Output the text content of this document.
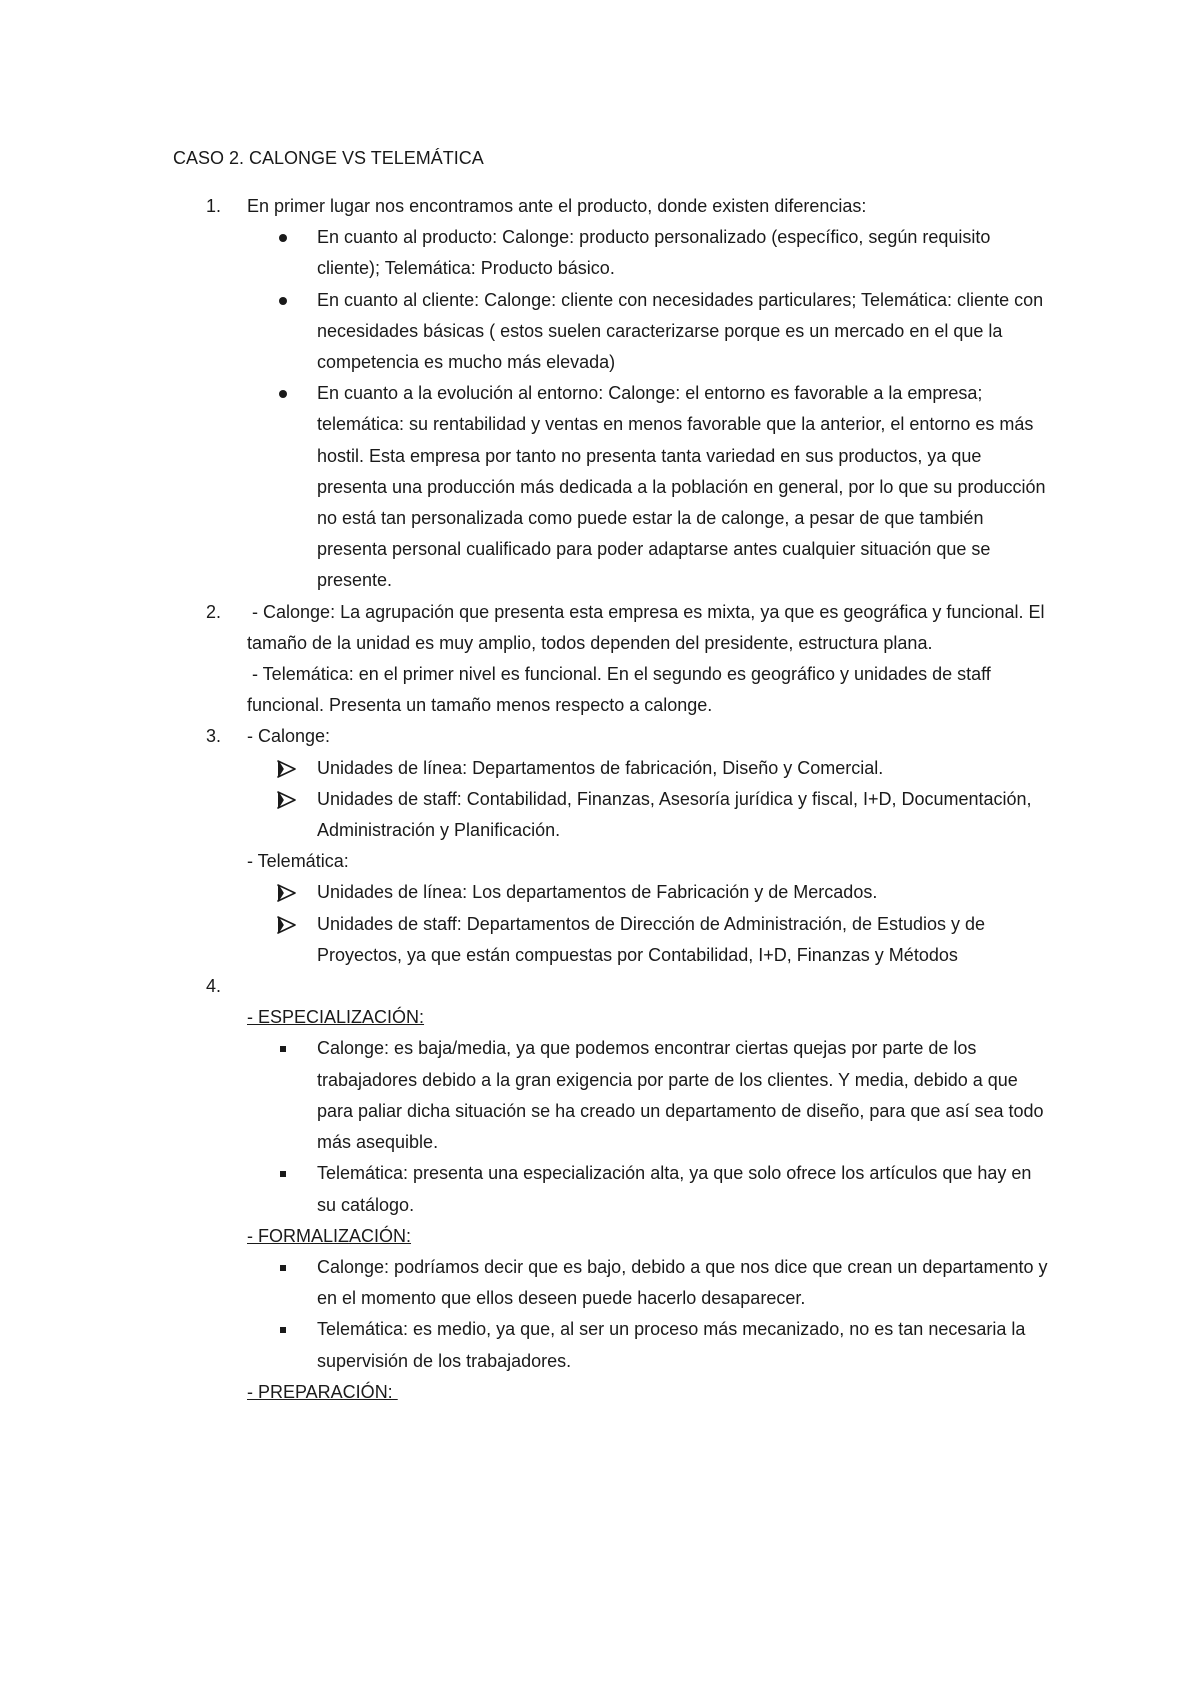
CASO 2. CALONGE VS TELEMÁTICA
1. En primer lugar nos encontramos ante el producto, donde existen diferencias:

En cuanto al producto: Calonge: producto personalizado (específico, según requisito cliente); Telemática: Producto básico.
En cuanto al cliente: Calonge: cliente con necesidades particulares; Telemática: cliente con necesidades básicas ( estos suelen caracterizarse porque es un mercado en el que la competencia es mucho más elevada)
En cuanto a la evolución al entorno: Calonge: el entorno es favorable a la empresa; telemática: su rentabilidad y ventas en menos favorable que la anterior, el entorno es más hostil. Esta empresa por tanto no presenta tanta variedad en sus productos, ya que presenta una producción más dedicada a la población en general, por lo que su producción no está tan personalizada como puede estar la de calonge, a pesar de que también presenta personal cualificado para poder adaptarse antes cualquier situación que se presente.
2. - Calonge: La agrupación que presenta esta empresa es mixta, ya que es geográfica y funcional. El tamaño de la unidad es muy amplio, todos dependen del presidente, estructura plana.

- Telemática: en el primer nivel es funcional. En el segundo es geográfico y unidades de staff funcional. Presenta un tamaño menos respecto a calonge.

3. - Calonge:

Unidades de línea: Departamentos de fabricación, Diseño y Comercial.
Unidades de staff: Contabilidad, Finanzas, Asesoría jurídica y fiscal, I+D, Documentación, Administración y Planificación.

- Telemática:

Unidades de línea: Los departamentos de Fabricación y de Mercados.
Unidades de staff: Departamentos de Dirección de Administración, de Estudios y de Proyectos, ya que están compuestas por Contabilidad, I+D, Finanzas y Métodos
4.

- ESPECIALIZACIÓN:

Calonge: es baja/media, ya que podemos encontrar ciertas quejas por parte de los trabajadores debido a la gran exigencia por parte de los clientes. Y media, debido a que para paliar dicha situación se ha creado un departamento de diseño, para que así sea todo más asequible.
Telemática: presenta una especialización alta, ya que solo ofrece los artículos que hay en su catálogo.

- FORMALIZACIÓN:

Calonge: podríamos decir que es bajo, debido a que nos dice que crean un departamento y en el momento que ellos deseen puede hacerlo desaparecer.
Telemática: es medio, ya que, al ser un proceso más mecanizado, no es tan necesaria la supervisión de los trabajadores.

- PREPARACIÓN:
